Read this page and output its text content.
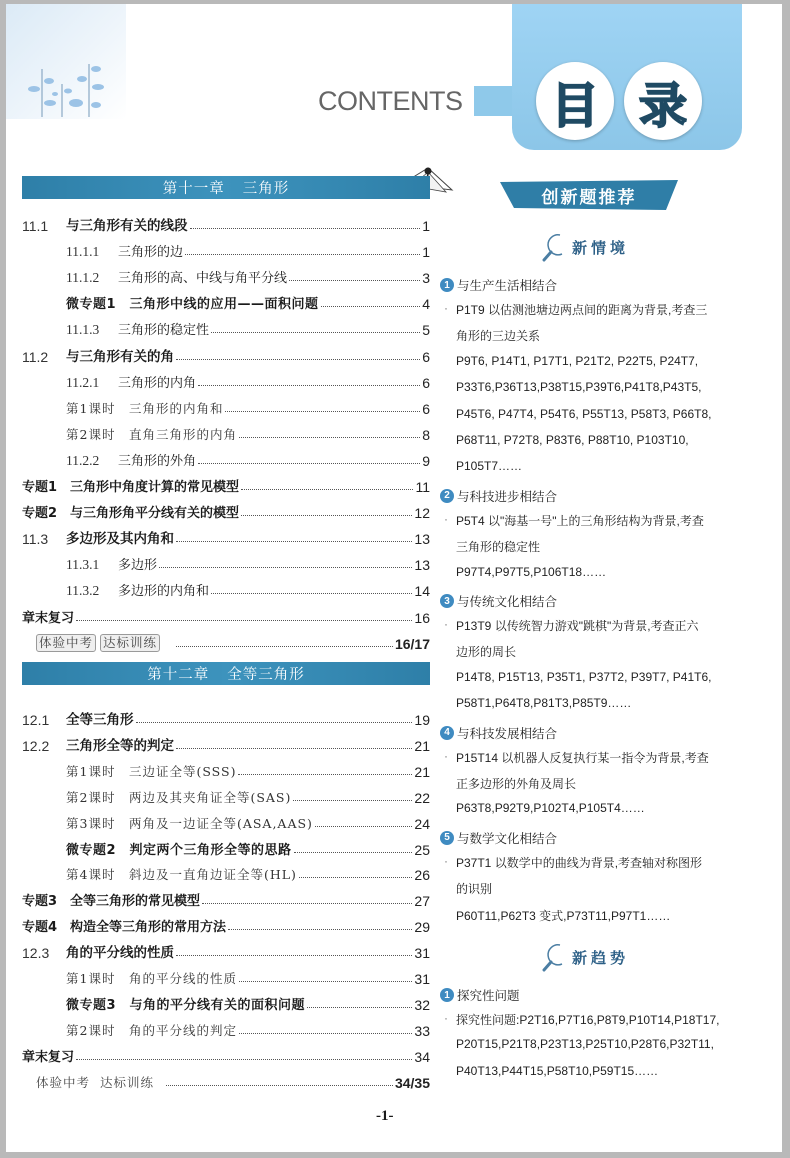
CONTENTS	目 录
第十一章 三角形
11.1	与三角形有关的线段	1
11.1.1	三角形的边	1
11.1.2	三角形的高、中线与角平分线	3
微专题1　三角形中线的应用——面积问题	4
11.1.3	三角形的稳定性	5
11.2	与三角形有关的角	6
11.2.1	三角形的内角	6
第1课时　三角形的内角和	6
第2课时　直角三角形的内角	8
11.2.2	三角形的外角	9
专题1　三角形中角度计算的常见模型	11
专题2　与三角形角平分线有关的模型	12
11.3	多边形及其内角和	13
11.3.1	多边形	13
11.3.2	多边形的内角和	14
章末复习	16
体验中考 达标训练	16/17
第十二章 全等三角形
12.1	全等三角形	19
12.2	三角形全等的判定	21
第1课时　三边证全等(SSS)	21
第2课时　两边及其夹角证全等(SAS)	22
第3课时　两角及一边证全等(ASA,AAS)	24
微专题2　判定两个三角形全等的思路	25
第4课时　斜边及一直角边证全等(HL)	26
专题3　全等三角形的常见模型	27
专题4　构造全等三角形的常用方法	29
12.3	角的平分线的性质	31
第1课时　角的平分线的性质	31
微专题3　与角的平分线有关的面积问题	32
第2课时　角的平分线的判定	33
章末复习	34
体验中考 达标训练	34/35
创新题推荐
新情境
新趋势
1 与生产生活相结合
· P1T9 以估测池塘边两点间的距离为背景,考查三
角形的三边关系
P9T6, P14T1, P17T1, P21T2, P22T5, P24T7,
P33T6,P36T13,P38T15,P39T6,P41T8,P43T5,
P45T6, P47T4, P54T6, P55T13, P58T3, P66T8,
P68T11, P72T8, P83T6, P88T10, P103T10,
P105T7……
2 与科技进步相结合
· P5T4 以"海基一号"上的三角形结构为背景,考查
三角形的稳定性
P97T4,P97T5,P106T18……
3 与传统文化相结合
· P13T9 以传统智力游戏"跳棋"为背景,考查正六
边形的周长
P14T8, P15T13, P35T1, P37T2, P39T7, P41T6,
P58T1,P64T8,P81T3,P85T9……
4 与科技发展相结合
· P15T14 以机器人反复执行某一指令为背景,考查
正多边形的外角及周长
P63T8,P92T9,P102T4,P105T4……
5 与数学文化相结合
· P37T1 以数学中的曲线为背景,考查轴对称图形
的识别
P60T11,P62T3 变式,P73T11,P97T1……
1 探究性问题
· 探究性问题:P2T16,P7T16,P8T9,P10T14,P18T17,
P20T15,P21T8,P23T13,P25T10,P28T6,P32T11,
P40T13,P44T15,P58T10,P59T15……
-1-
